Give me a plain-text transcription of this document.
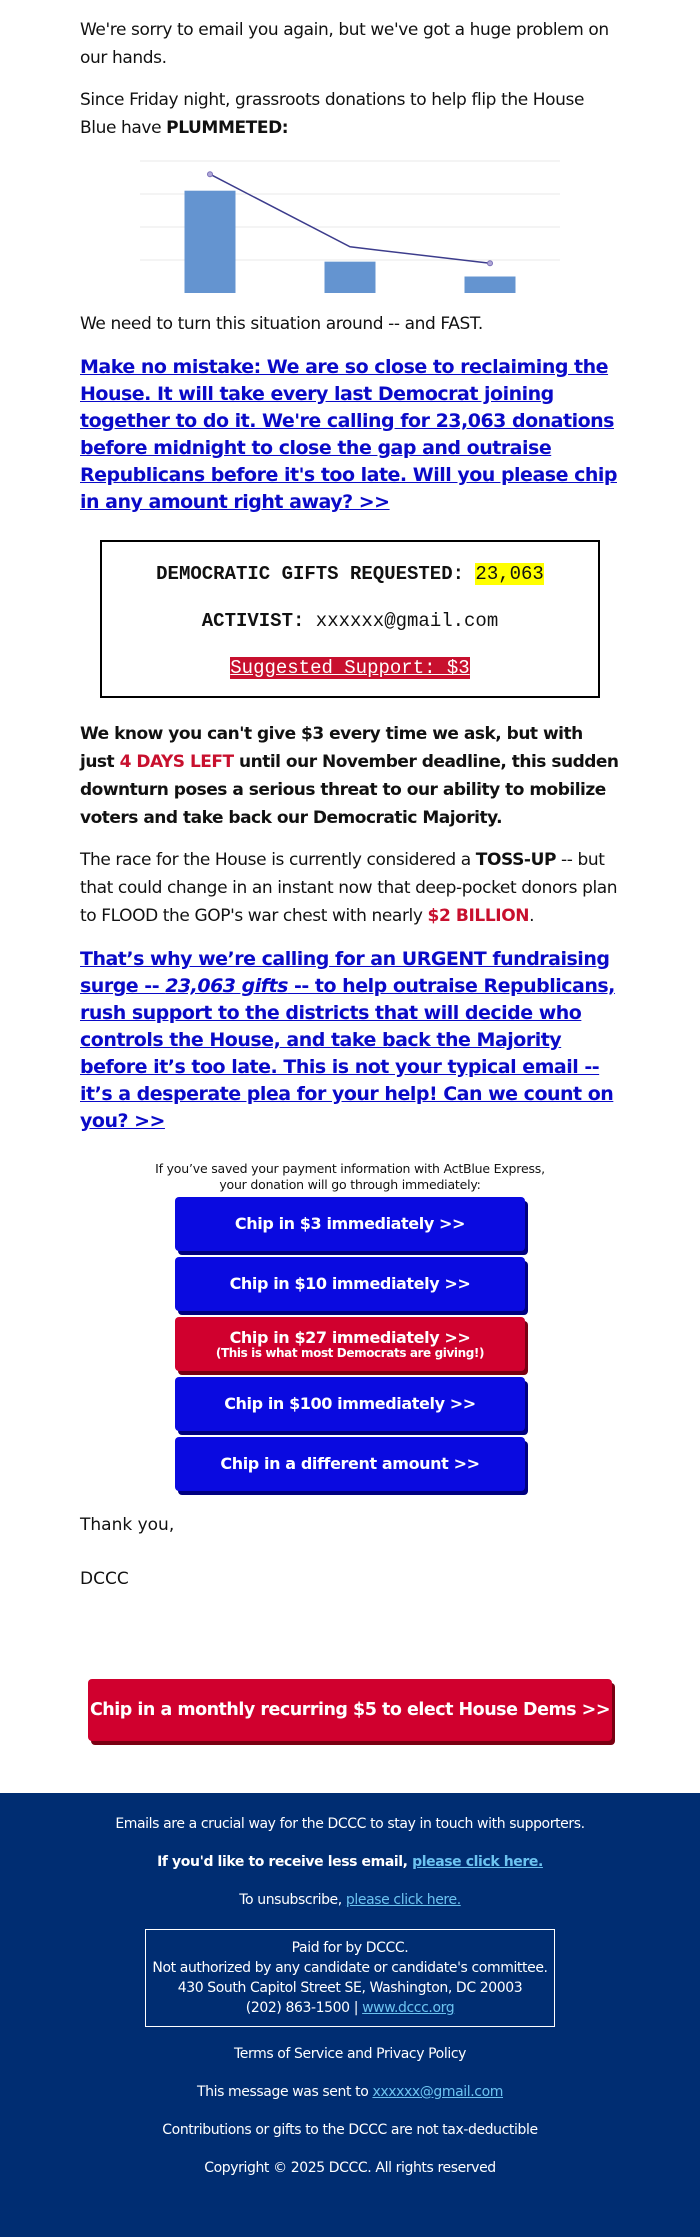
We're sorry to email you again, but we've got a huge problem on our hands.

Since Friday night, grassroots donations to help flip the House Blue have PLUMMETED:

We need to turn this situation around -- and FAST.

Make no mistake: We are so close to reclaiming the House. It will take every last Democrat joining together to do it. We're calling for 23,063 donations before midnight to close the gap and outraise Republicans before it's too late. Will you please chip in any amount right away? >>

DEMOCRATIC GIFTS REQUESTED: 23,063
ACTIVIST: xxxxxx@gmail.com
Suggested Support: $3

We know you can't give $3 every time we ask, but with just 4 DAYS LEFT until our November deadline, this sudden downturn poses a serious threat to our ability to mobilize voters and take back our Democratic Majority.

The race for the House is currently considered a TOSS-UP -- but that could change in an instant now that deep-pocket donors plan to FLOOD the GOP's war chest with nearly $2 BILLION.

That’s why we’re calling for an URGENT fundraising surge -- 23,063 gifts -- to help outraise Republicans, rush support to the districts that will decide who controls the House, and take back the Majority before it’s too late. This is not your typical email -- it’s a desperate plea for your help! Can we count on you? >>

If you’ve saved your payment information with ActBlue Express,
your donation will go through immediately:
Chip in $3 immediately >>
Chip in $10 immediately >>
Chip in $27 immediately >>
(This is what most Democrats are giving!)
Chip in $100 immediately >>
Chip in a different amount >>

Thank you,

DCCC

Chip in a monthly recurring $5 to elect House Dems >>
Emails are a crucial way for the DCCC to stay in touch with supporters.
If you'd like to receive less email, please click here.
To unsubscribe, please click here.
Paid for by DCCC.
Not authorized by any candidate or candidate's committee.
430 South Capitol Street SE, Washington, DC 20003
(202) 863-1500 | www.dccc.org
Terms of Service and Privacy Policy
This message was sent to xxxxxx@gmail.com
Contributions or gifts to the DCCC are not tax-deductible
Copyright © 2025 DCCC. All rights reserved
